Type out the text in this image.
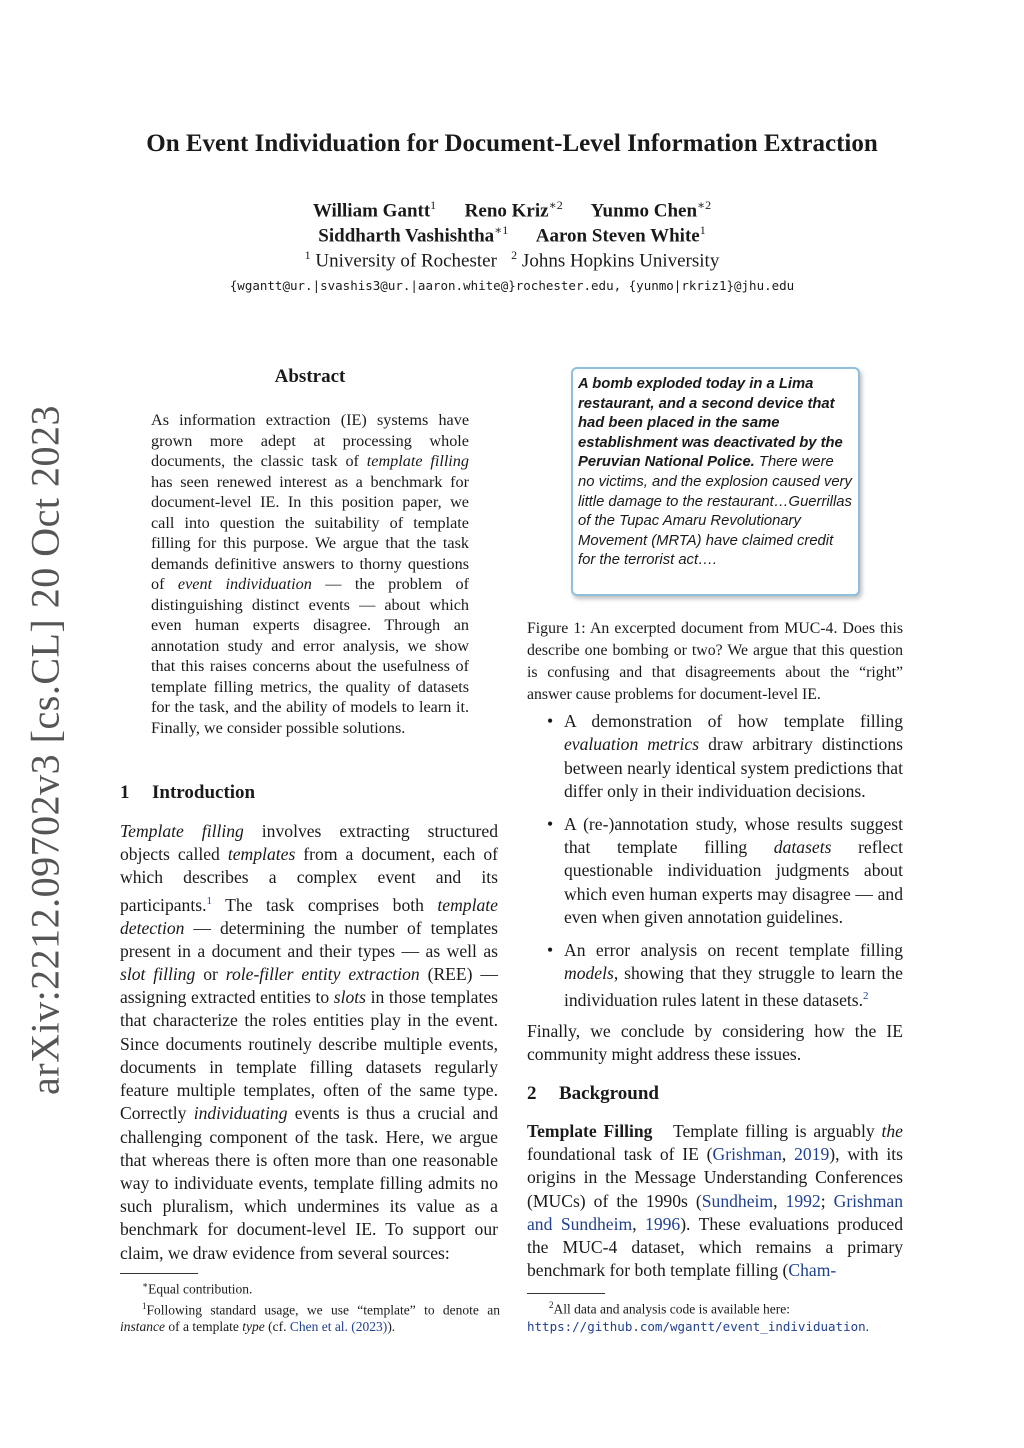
arXiv:2212.09702v3 [cs.CL] 20 Oct 2023
On Event Individuation for Document-Level Information Extraction
William Gantt$^1$ Reno Kriz$^{∗2}$ Yunmo Chen$^{∗2}$
Siddharth Vashishtha$^{∗1}$ Aaron Steven White$^1$
$^1$ University of Rochester $^2$ Johns Hopkins University
{wgantt@ur.|svashis3@ur.|aaron.white@}rochester.edu, {yunmo|rkriz1}@jhu.edu
Abstract
As information extraction (IE) systems have grown more adept at processing whole documents, the classic task of template filling has seen renewed interest as a benchmark for document-level IE. In this position paper, we call into question the suitability of template filling for this purpose. We argue that the task demands definitive answers to thorny questions of event individuation — the problem of distinguishing distinct events — about which even human experts disagree. Through an annotation study and error analysis, we show that this raises concerns about the usefulness of template filling metrics, the quality of datasets for the task, and the ability of models to learn it. Finally, we consider possible solutions.
1 Introduction
Template filling involves extracting structured objects called templates from a document, each of which describes a complex event and its participants.$^1$ The task comprises both template detection — determining the number of templates present in a document and their types — as well as slot filling or role-filler entity extraction (REE) — assigning extracted entities to slots in those templates that characterize the roles entities play in the event. Since documents routinely describe multiple events, documents in template filling datasets regularly feature multiple templates, often of the same type. Correctly individuating events is thus a crucial and challenging component of the task. Here, we argue that whereas there is often more than one reasonable way to individuate events, template filling admits no such pluralism, which undermines its value as a benchmark for document-level IE. To support our claim, we draw evidence from several sources:
∗Equal contribution.
$^1$Following standard usage, we use “template” to denote an instance of a template type (cf. Chen et al. (2023)).
A bomb exploded today in a Lima restaurant, and a second device that had been placed in the same establishment was deactivated by the Peruvian National Police. There were no victims, and the explosion caused very little damage to the restaurant…Guerrillas of the Tupac Amaru Revolutionary Movement (MRTA) have claimed credit for the terrorist act….
Figure 1: An excerpted document from MUC-4. Does this describe one bombing or two? We argue that this question is confusing and that disagreements about the “right” answer cause problems for document-level IE.
• A demonstration of how template filling evaluation metrics draw arbitrary distinctions between nearly identical system predictions that differ only in their individuation decisions.
• A (re-)annotation study, whose results suggest that template filling datasets reflect questionable individuation judgments about which even human experts may disagree — and even when given annotation guidelines.
• An error analysis on recent template filling models, showing that they struggle to learn the individuation rules latent in these datasets.$^2$
Finally, we conclude by considering how the IE community might address these issues.
2 Background
Template Filling Template filling is arguably the foundational task of IE (Grishman, 2019), with its origins in the Message Understanding Conferences (MUCs) of the 1990s (Sundheim, 1992; Grishman and Sundheim, 1996). These evaluations produced the MUC-4 dataset, which remains a primary benchmark for both template filling (Cham-
$^2$All data and analysis code is available here:
https://github.com/wgantt/event_individuation.
